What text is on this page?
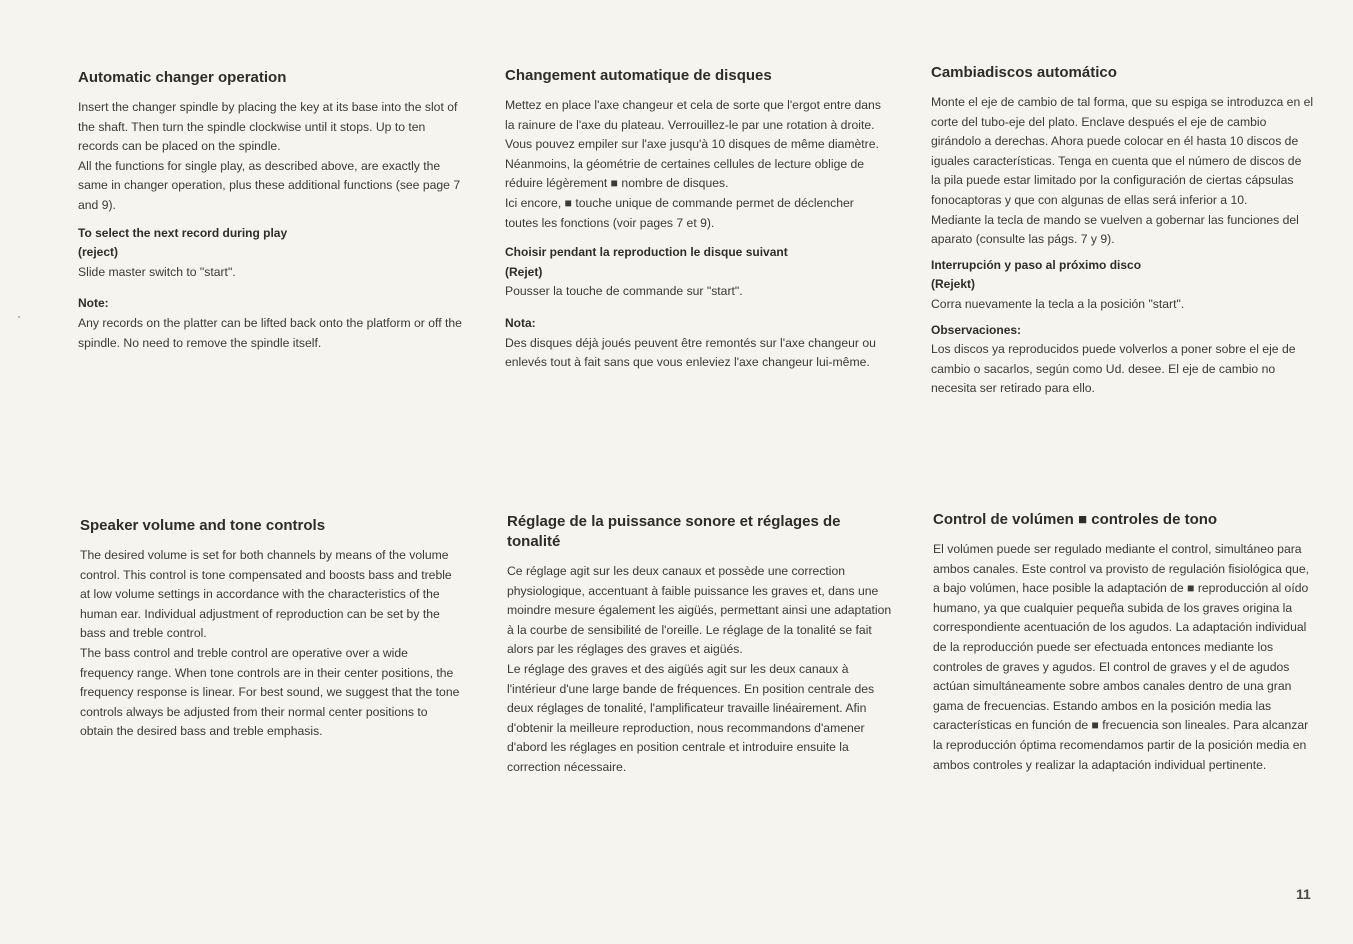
Automatic changer operation

Insert the changer spindle by placing the key at its base into the slot of the shaft. Then turn the spindle clockwise until it stops. Up to ten records can be placed on the spindle.

All the functions for single play, as described above, are exactly the same in changer operation, plus these additional functions (see page 7 and 9).

To select the next record during play
(reject)

Slide master switch to "start".

Note:

Any records on the platter can be lifted back onto the platform or off the spindle. No need to remove the spindle itself.

Changement automatique de disques

Mettez en place l'axe changeur et cela de sorte que l'ergot entre dans la rainure de l'axe du plateau. Verrouillez-le par une rotation à droite.

Vous pouvez empiler sur l'axe jusqu'à 10 disques de même diamètre. Néanmoins, la géométrie de certaines cellules de lecture oblige de réduire légèrement ■ nombre de disques.

Ici encore, ■ touche unique de commande permet de déclencher toutes les fonctions (voir pages 7 et 9).

Choisir pendant la reproduction le disque suivant
(Rejet)

Pousser la touche de commande sur "start".

Nota:

Des disques déjà joués peuvent être remontés sur l'axe changeur ou enlevés tout à fait sans que vous enleviez l'axe changeur lui-même.

Cambiadiscos automático

Monte el eje de cambio de tal forma, que su espiga se introduzca en el corte del tubo-eje del plato. Enclave después el eje de cambio girándolo a derechas. Ahora puede colocar en él hasta 10 discos de iguales características. Tenga en cuenta que el número de discos de la pila puede estar limitado por la configuración de ciertas cápsulas fonocaptoras y que con algunas de ellas será inferior a 10.

Mediante la tecla de mando se vuelven a gobernar las funciones del aparato (consulte las págs. 7 y 9).

Interrupción y paso al próximo disco
(Rejekt)

Corra nuevamente la tecla a la posición "start".

Observaciones:

Los discos ya reproducidos puede volverlos a poner sobre el eje de cambio o sacarlos, según como Ud. desee. El eje de cambio no necesita ser retirado para ello.

Speaker volume and tone controls

The desired volume is set for both channels by means of the volume control. This control is tone compensated and boosts bass and treble at low volume settings in accordance with the characteristics of the human ear. Individual adjustment of reproduction can be set by the bass and treble control.

The bass control and treble control are operative over a wide frequency range. When tone controls are in their center positions, the frequency response is linear. For best sound, we suggest that the tone controls always be adjusted from their normal center positions to obtain the desired bass and treble emphasis.

Réglage de la puissance sonore et réglages de tonalité

Ce réglage agit sur les deux canaux et possède une correction physiologique, accentuant à faible puissance les graves et, dans une moindre mesure également les aigüés, permettant ainsi une adaptation à la courbe de sensibilité de l'oreille. Le réglage de la tonalité se fait alors par les réglages des graves et aigüés.

Le réglage des graves et des aigüés agit sur les deux canaux à l'intérieur d'une large bande de fréquences. En position centrale des deux réglages de tonalité, l'amplificateur travaille linéairement. Afin d'obtenir la meilleure reproduction, nous recommandons d'amener d'abord les réglages en position centrale et introduire ensuite la correction nécessaire.

Control de volúmen ■ controles de tono

El volúmen puede ser regulado mediante el control, simultáneo para ambos canales. Este control va provisto de regulación fisiológica que, a bajo volúmen, hace posible la adaptación de ■ reproducción al oído humano, ya que cualquier pequeña subida de los graves origina la correspondiente acentuación de los agudos. La adaptación individual de la reproducción puede ser efectuada entonces mediante los controles de graves y agudos. El control de graves y el de agudos actúan simultáneamente sobre ambos canales dentro de una gran gama de frecuencias. Estando ambos en la posición media las características en función de ■ frecuencia son lineales. Para alcanzar la reproducción óptima recomendamos partir de la posición media en ambos controles y realizar la adaptación individual pertinente.

11
